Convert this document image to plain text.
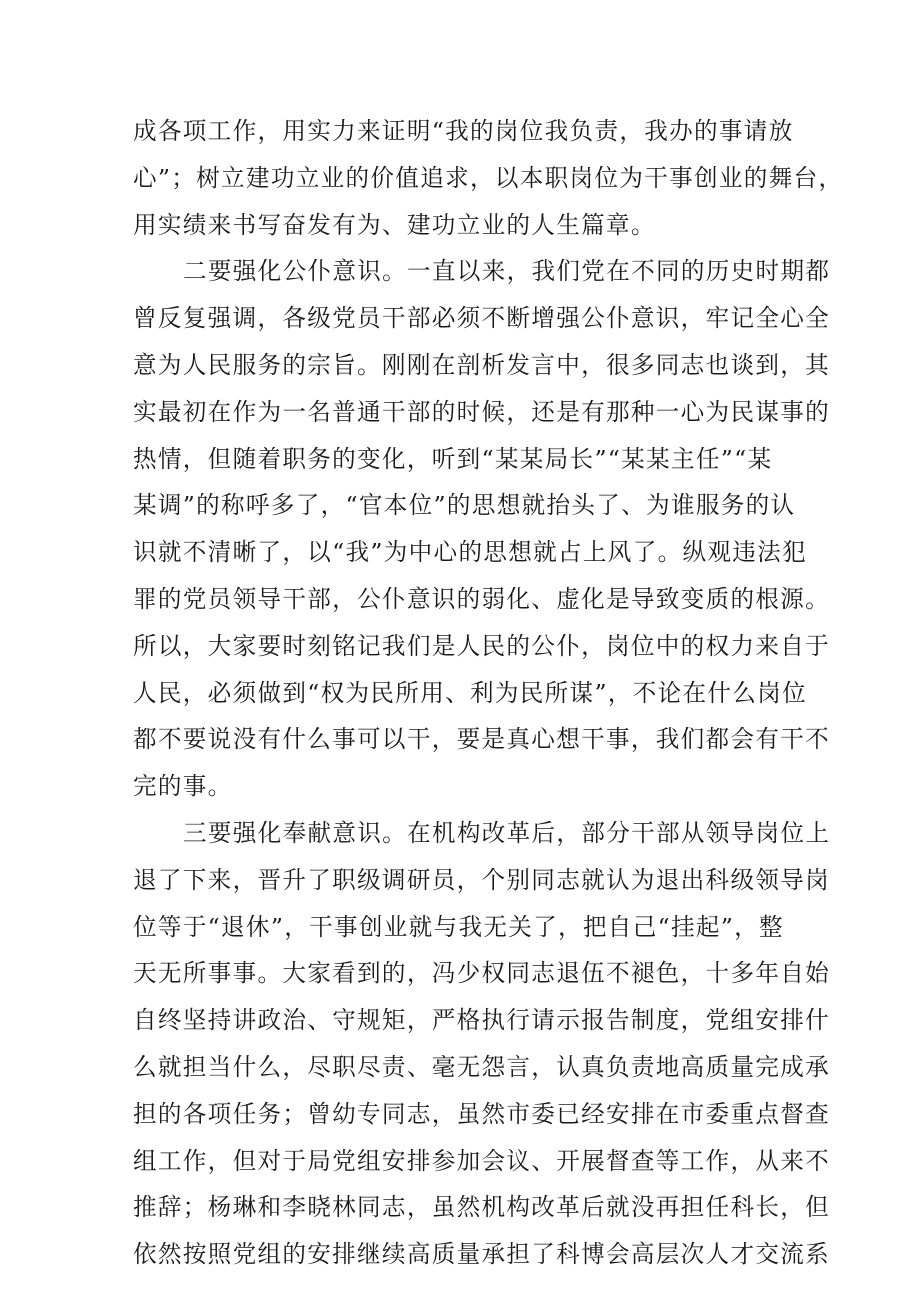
成各项工作，用实力来证明“我的岗位我负责，我办的事请放
心”；树立建功立业的价值追求，以本职岗位为干事创业的舞台，
用实绩来书写奋发有为、建功立业的人生篇章。
二要强化公仆意识。一直以来，我们党在不同的历史时期都
曾反复强调，各级党员干部必须不断增强公仆意识，牢记全心全
意为人民服务的宗旨。刚刚在剖析发言中，很多同志也谈到，其
实最初在作为一名普通干部的时候，还是有那种一心为民谋事的
热情，但随着职务的变化，听到“某某局长”“某某主任”“某
某调”的称呼多了，“官本位”的思想就抬头了、为谁服务的认
识就不清晰了，以“我”为中心的思想就占上风了。纵观违法犯
罪的党员领导干部，公仆意识的弱化、虚化是导致变质的根源。
所以，大家要时刻铭记我们是人民的公仆，岗位中的权力来自于
人民，必须做到“权为民所用、利为民所谋”，不论在什么岗位
都不要说没有什么事可以干，要是真心想干事，我们都会有干不
完的事。
三要强化奉献意识。在机构改革后，部分干部从领导岗位上
退了下来，晋升了职级调研员，个别同志就认为退出科级领导岗
位等于“退休”，干事创业就与我无关了，把自己“挂起”，整
天无所事事。大家看到的，冯少权同志退伍不褪色，十多年自始
自终坚持讲政治、守规矩，严格执行请示报告制度，党组安排什
么就担当什么，尽职尽责、毫无怨言，认真负责地高质量完成承
担的各项任务；曾幼专同志，虽然市委已经安排在市委重点督查
组工作，但对于局党组安排参加会议、开展督查等工作，从来不
推辞；杨琳和李晓林同志，虽然机构改革后就没再担任科长，但
依然按照党组的安排继续高质量承担了科博会高层次人才交流系
